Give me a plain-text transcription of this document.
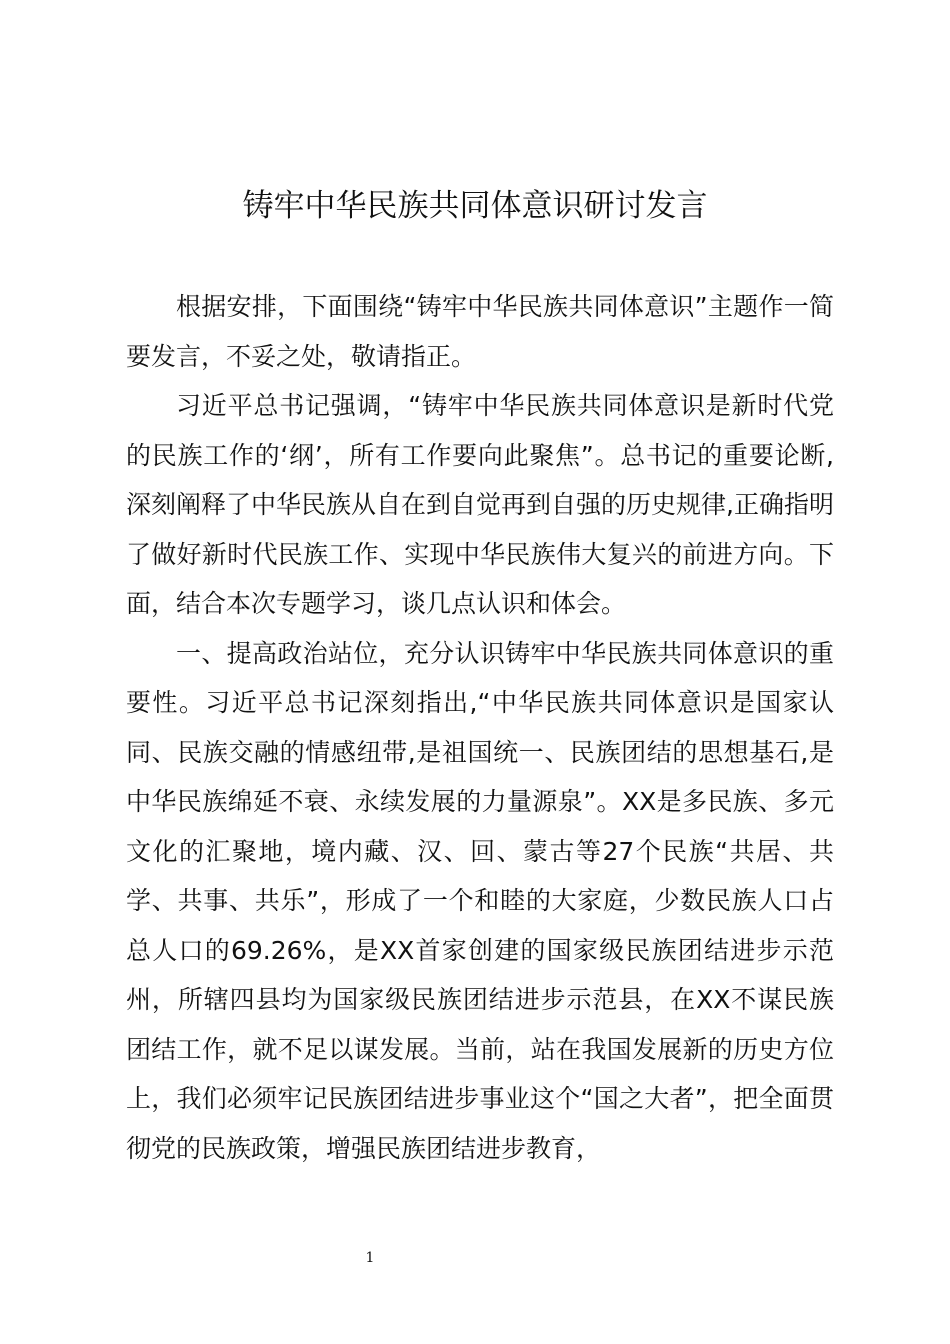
铸牢中华民族共同体意识研讨发言

根据安排，下面围绕“铸牢中华民族共同体意识”主题作一简要发言，不妥之处，敬请指正。

习近平总书记强调，“铸牢中华民族共同体意识是新时代党的民族工作的‘纲’，所有工作要向此聚焦”。总书记的重要论断,深刻阐释了中华民族从自在到自觉再到自强的历史规律,正确指明了做好新时代民族工作、实现中华民族伟大复兴的前进方向。下面，结合本次专题学习，谈几点认识和体会。

一、提高政治站位，充分认识铸牢中华民族共同体意识的重要性。习近平总书记深刻指出,“中华民族共同体意识是国家认同、民族交融的情感纽带,是祖国统一、民族团结的思想基石,是中华民族绵延不衰、永续发展的力量源泉”。XX是多民族、多元文化的汇聚地，境内藏、汉、回、蒙古等27个民族“共居、共学、共事、共乐”，形成了一个和睦的大家庭，少数民族人口占总人口的69.26%，是XX首家创建的国家级民族团结进步示范州，所辖四县均为国家级民族团结进步示范县，在XX不谋民族团结工作，就不足以谋发展。当前，站在我国发展新的历史方位上，我们必须牢记民族团结进步事业这个“国之大者”，把全面贯彻党的民族政策，增强民族团结进步教育，

1
